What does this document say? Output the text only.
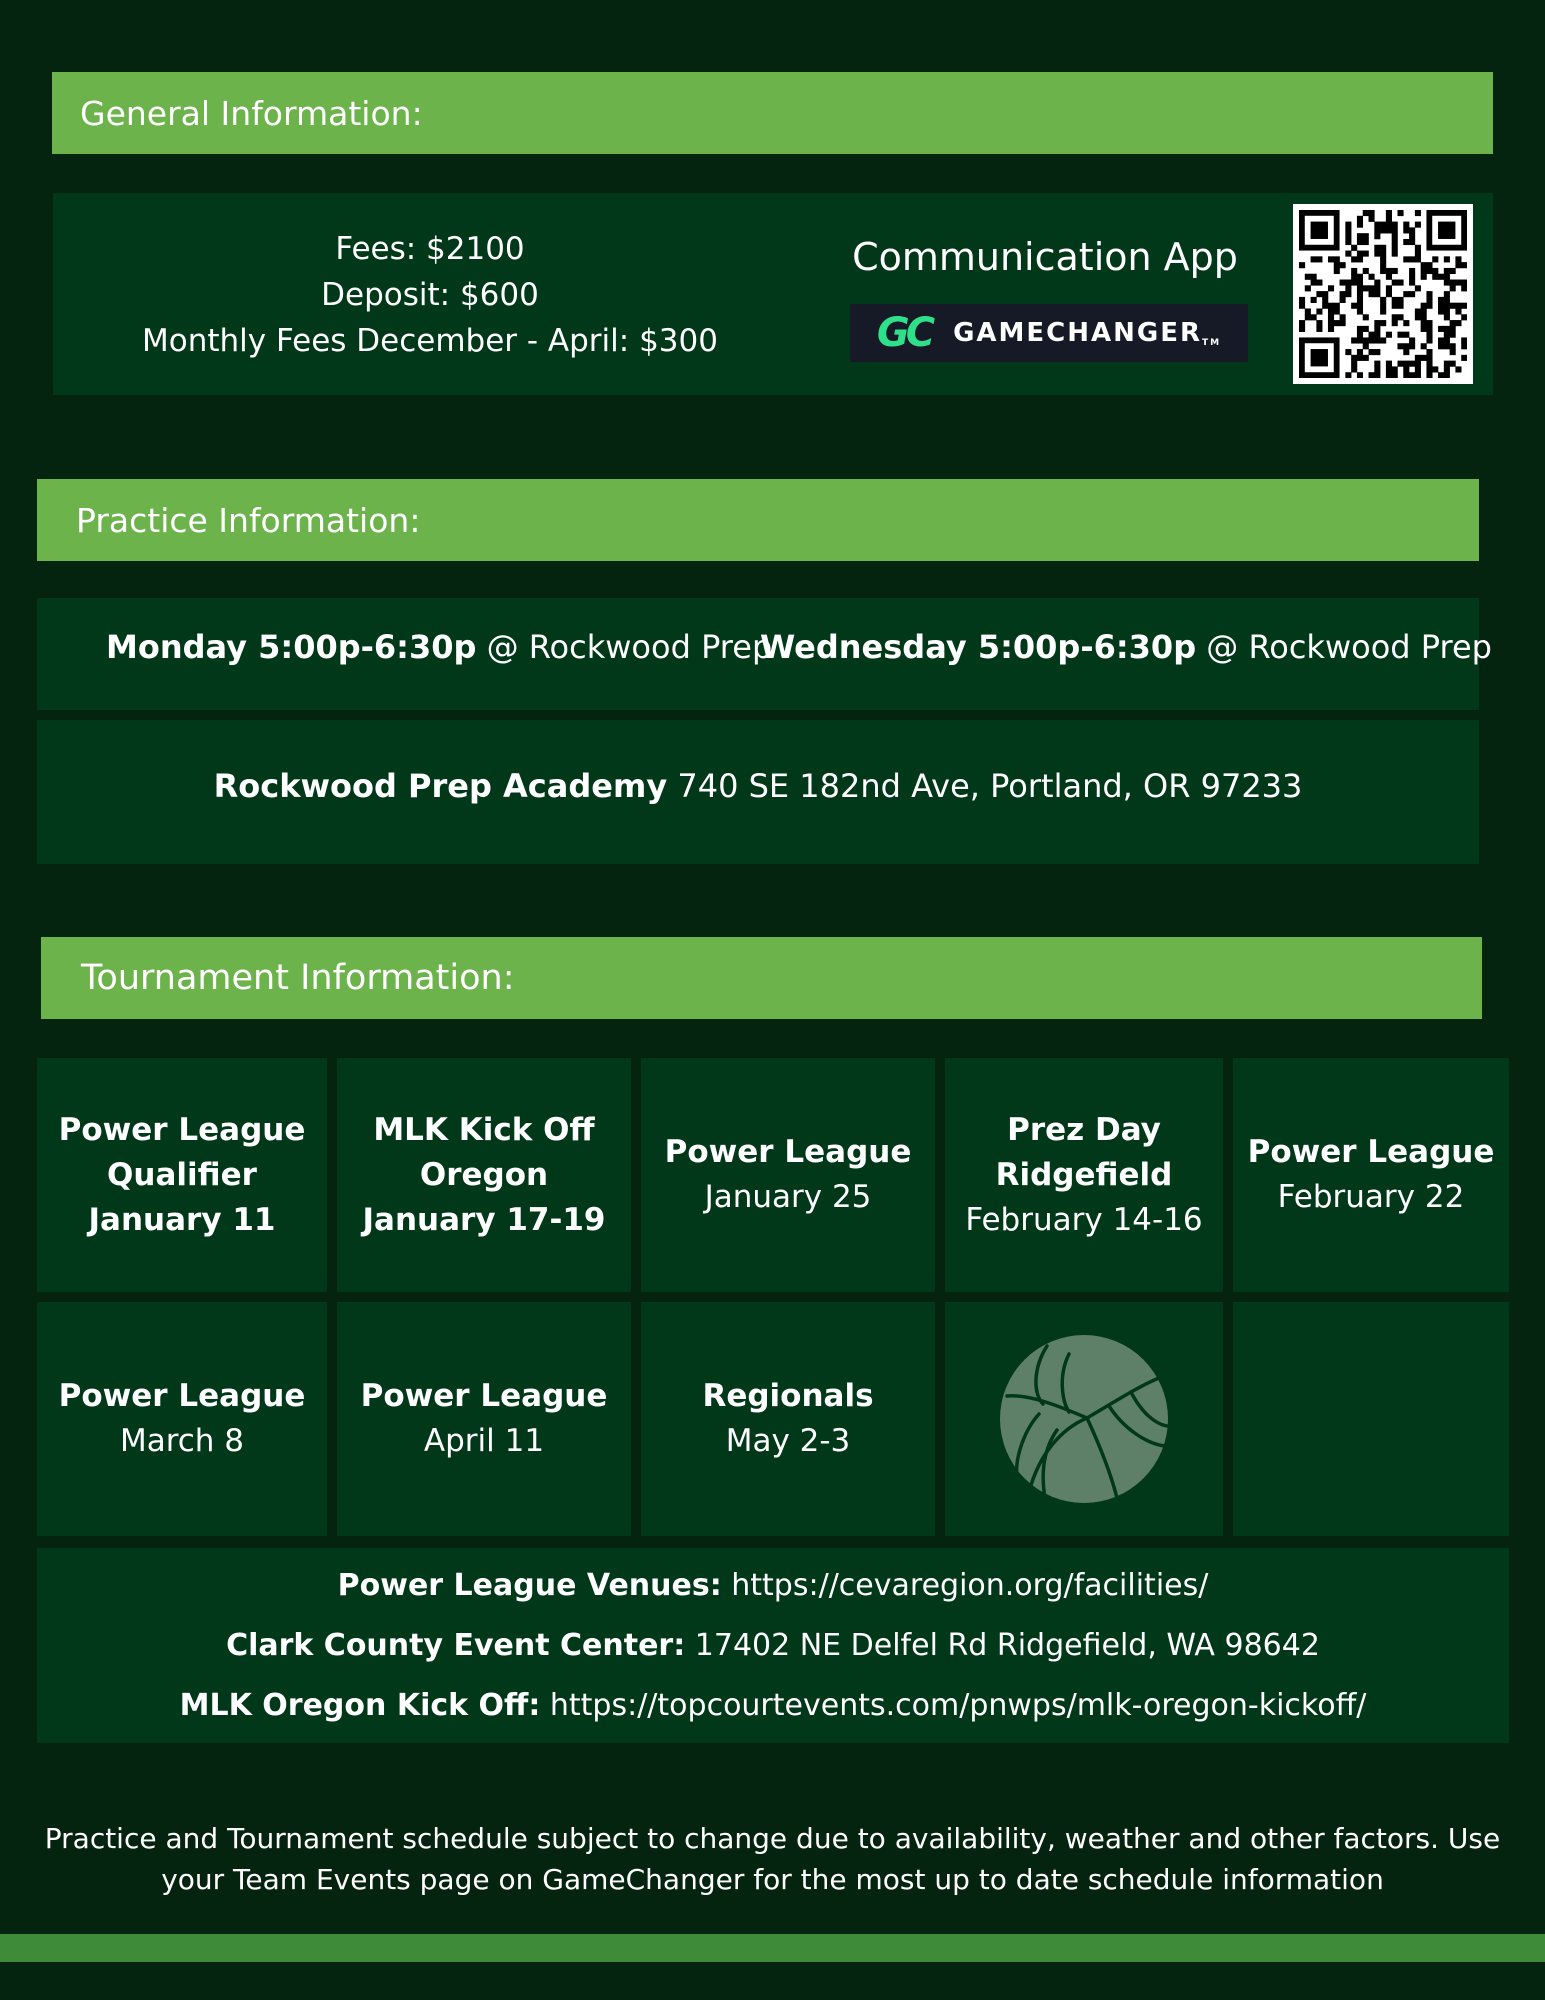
General Information:
Fees: $2100
Deposit: $600
Monthly Fees December - April: $300
Communication App
GC GAMECHANGERTM
Practice Information:
Monday 5:00p-6:30p @ Rockwood Prep
Wednesday 5:00p-6:30p @ Rockwood Prep
Rockwood Prep Academy 740 SE 182nd Ave, Portland, OR 97233
Tournament Information:
Power League
Qualifier
January 11
MLK Kick Off
Oregon
January 17-19
Power League
January 25
Prez Day
Ridgefield
February 14-16
Power League
February 22
Power League
March 8
Power League
April 11
Regionals
May 2-3
Power League Venues: https://cevaregion.org/facilities/
Clark County Event Center: 17402 NE Delfel Rd Ridgefield, WA 98642
MLK Oregon Kick Off: https://topcourtevents.com/pnwps/mlk-oregon-kickoff/
Practice and Tournament schedule subject to change due to availability, weather and other factors. Use
your Team Events page on GameChanger for the most up to date schedule information
